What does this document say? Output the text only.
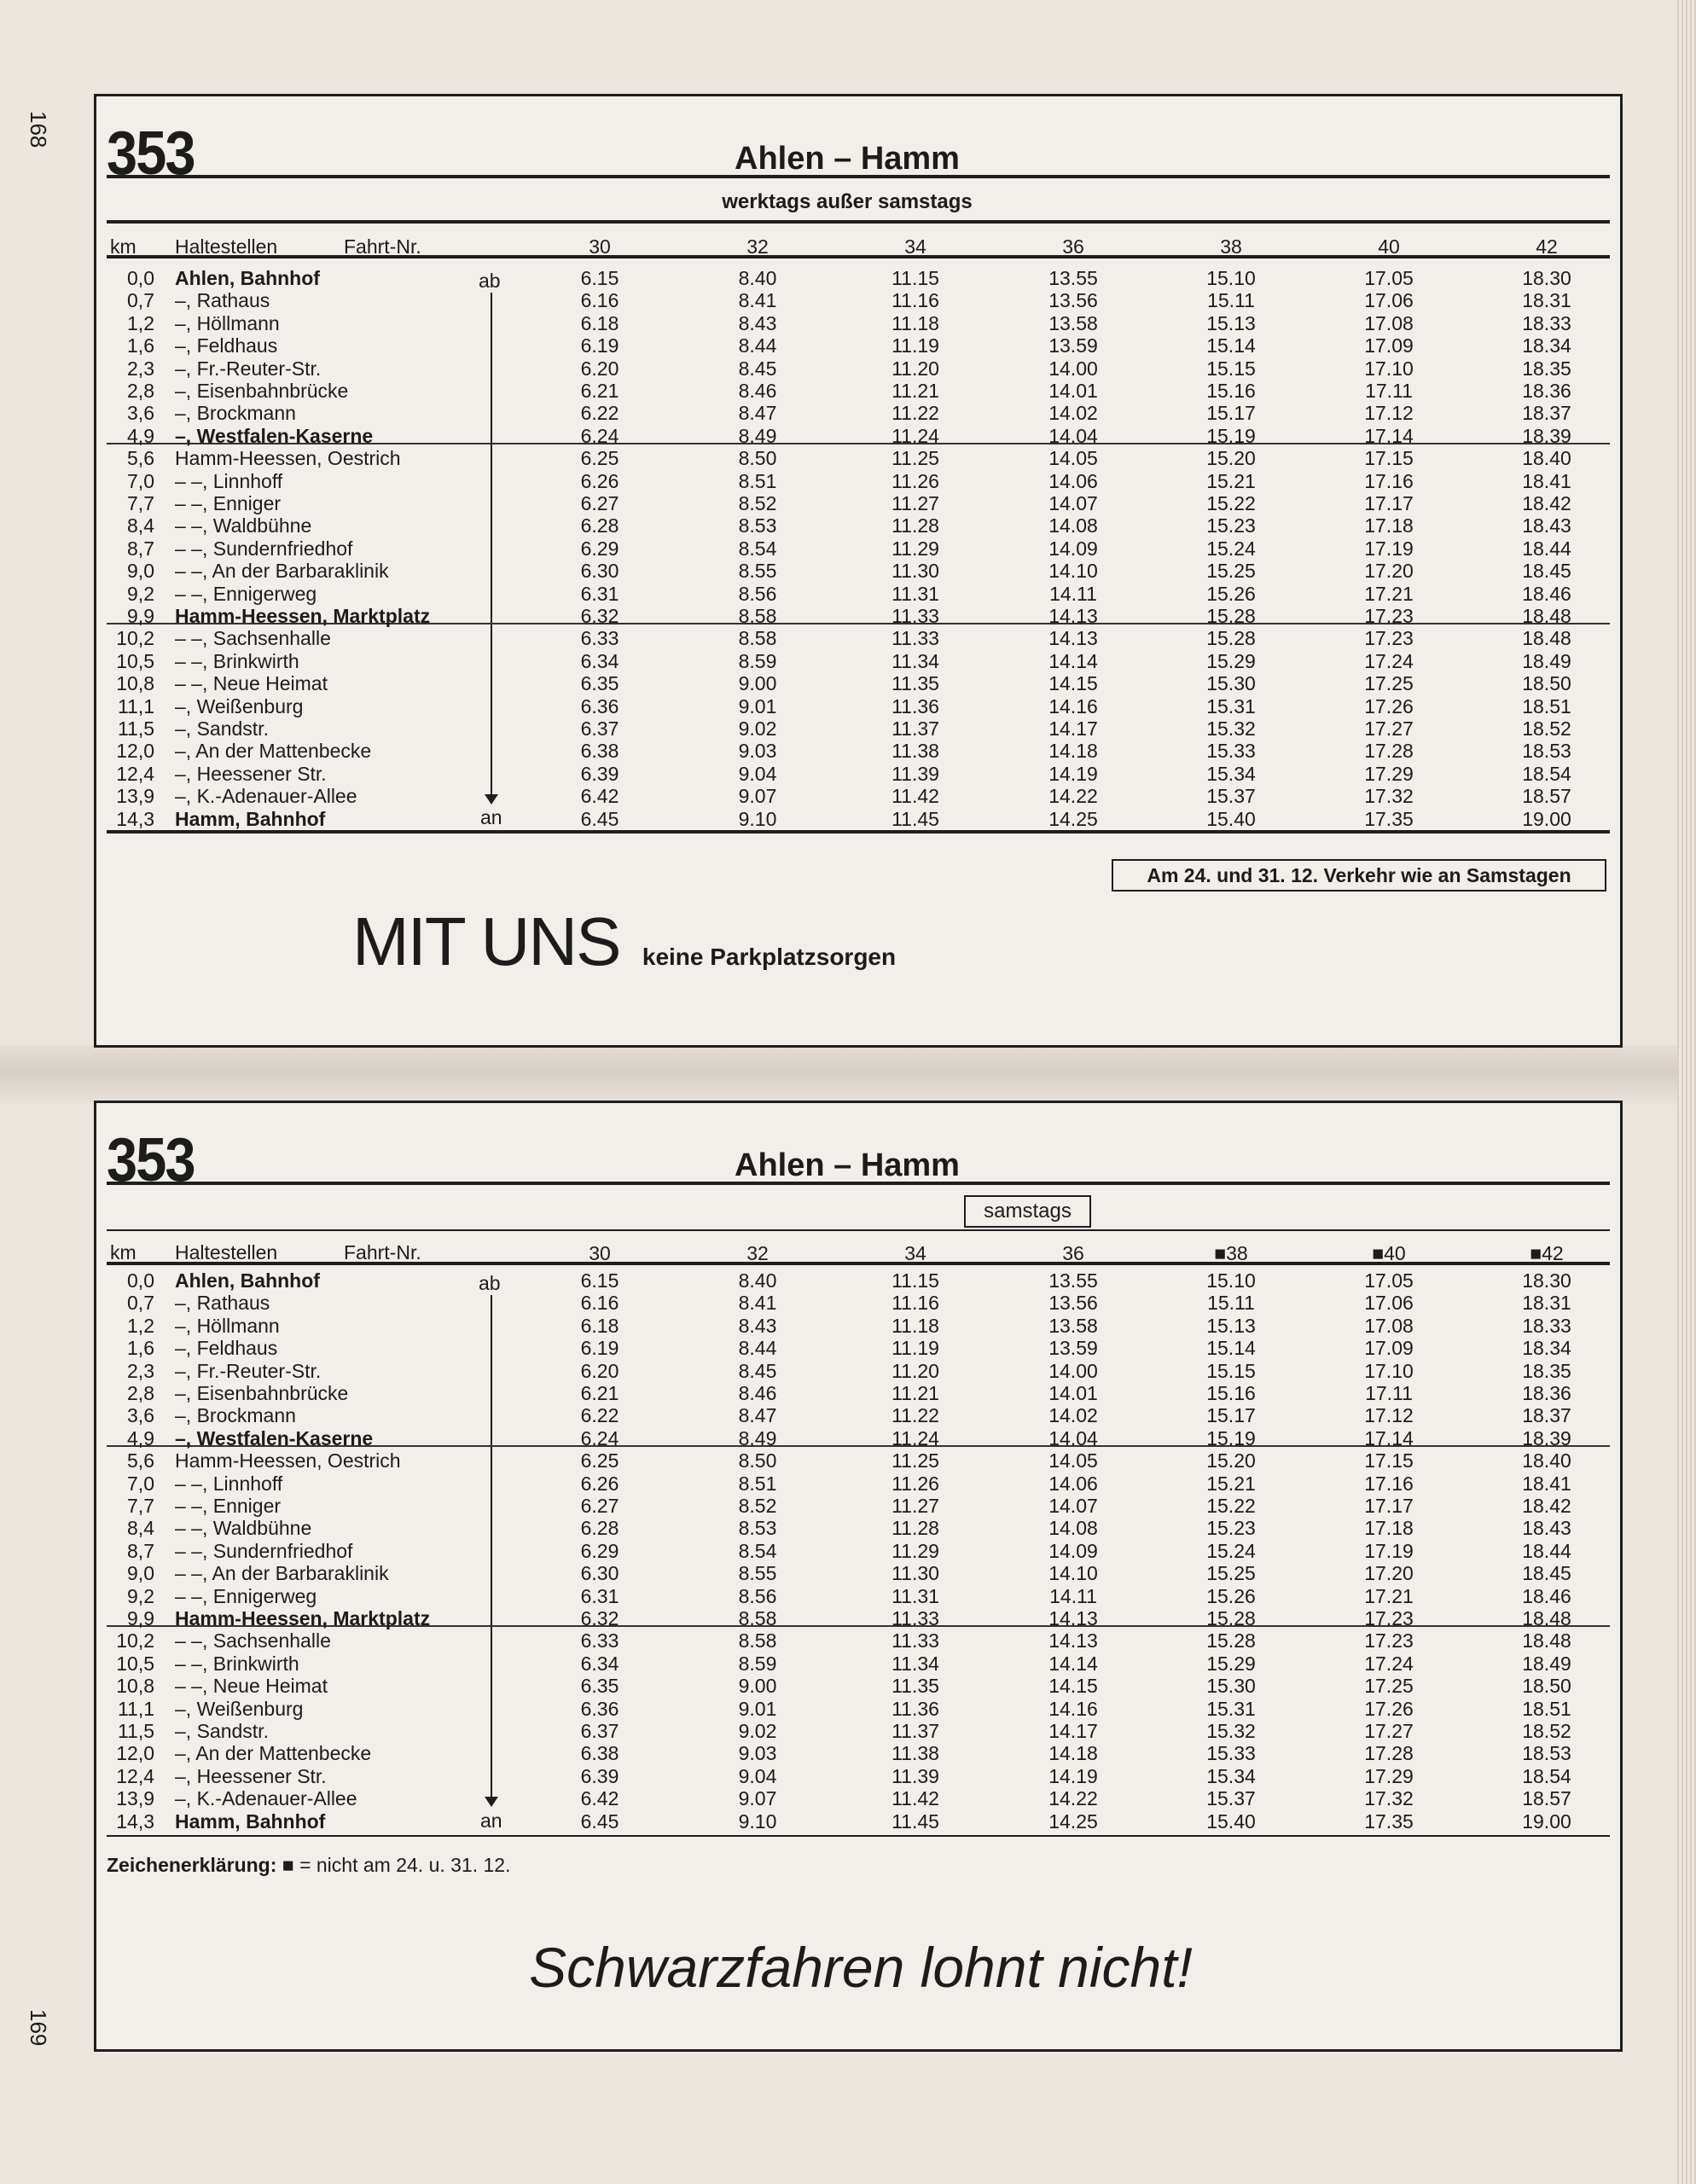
168
169
353	Ahlen – Hamm
werktags außer samstags
km Haltestellen	Fahrt-Nr.	30	32	34	36	38	40	42
ab
an
0,0 Ahlen, Bahnhof	6.15	8.40	11.15	13.55	15.10	17.05	18.30
0,7 –, Rathaus	6.16	8.41	11.16	13.56	15.11	17.06	18.31
1,2 –, Höllmann	6.18	8.43	11.18	13.58	15.13	17.08	18.33
1,6 –, Feldhaus	6.19	8.44	11.19	13.59	15.14	17.09	18.34
2,3 –, Fr.-Reuter-Str.	6.20	8.45	11.20	14.00	15.15	17.10	18.35
2,8 –, Eisenbahnbrücke	6.21	8.46	11.21	14.01	15.16	17.11	18.36
3,6 –, Brockmann	6.22	8.47	11.22	14.02	15.17	17.12	18.37
4,9 –, Westfalen-Kaserne	6.24	8.49	11.24	14.04	15.19	17.14	18.39
5,6 Hamm-Heessen, Oestrich	6.25	8.50	11.25	14.05	15.20	17.15	18.40
7,0 – –, Linnhoff	6.26	8.51	11.26	14.06	15.21	17.16	18.41
7,7 – –, Enniger	6.27	8.52	11.27	14.07	15.22	17.17	18.42
8,4 – –, Waldbühne	6.28	8.53	11.28	14.08	15.23	17.18	18.43
8,7 – –, Sundernfriedhof	6.29	8.54	11.29	14.09	15.24	17.19	18.44
9,0 – –, An der Barbaraklinik	6.30	8.55	11.30	14.10	15.25	17.20	18.45
9,2 – –, Ennigerweg	6.31	8.56	11.31	14.11	15.26	17.21	18.46
9,9 Hamm-Heessen, Marktplatz	6.32	8.58	11.33	14.13	15.28	17.23	18.48
10,2 – –, Sachsenhalle	6.33	8.58	11.33	14.13	15.28	17.23	18.48
10,5 – –, Brinkwirth	6.34	8.59	11.34	14.14	15.29	17.24	18.49
10,8 – –, Neue Heimat	6.35	9.00	11.35	14.15	15.30	17.25	18.50
11,1 –, Weißenburg	6.36	9.01	11.36	14.16	15.31	17.26	18.51
11,5 –, Sandstr.	6.37	9.02	11.37	14.17	15.32	17.27	18.52
12,0 –, An der Mattenbecke	6.38	9.03	11.38	14.18	15.33	17.28	18.53
12,4 –, Heessener Str.	6.39	9.04	11.39	14.19	15.34	17.29	18.54
13,9 –, K.-Adenauer-Allee	6.42	9.07	11.42	14.22	15.37	17.32	18.57
14,3 Hamm, Bahnhof	6.45	9.10	11.45	14.25	15.40	17.35	19.00
Am 24. und 31. 12. Verkehr wie an Samstagen
MIT UNS keine Parkplatzsorgen
353	Ahlen – Hamm
samstags
km Haltestellen	Fahrt-Nr.	30	32	34	36	■38	■40	■42
ab
an
0,0 Ahlen, Bahnhof	6.15	8.40	11.15	13.55	15.10	17.05	18.30
0,7 –, Rathaus	6.16	8.41	11.16	13.56	15.11	17.06	18.31
1,2 –, Höllmann	6.18	8.43	11.18	13.58	15.13	17.08	18.33
1,6 –, Feldhaus	6.19	8.44	11.19	13.59	15.14	17.09	18.34
2,3 –, Fr.-Reuter-Str.	6.20	8.45	11.20	14.00	15.15	17.10	18.35
2,8 –, Eisenbahnbrücke	6.21	8.46	11.21	14.01	15.16	17.11	18.36
3,6 –, Brockmann	6.22	8.47	11.22	14.02	15.17	17.12	18.37
4,9 –, Westfalen-Kaserne	6.24	8.49	11.24	14.04	15.19	17.14	18.39
5,6 Hamm-Heessen, Oestrich	6.25	8.50	11.25	14.05	15.20	17.15	18.40
7,0 – –, Linnhoff	6.26	8.51	11.26	14.06	15.21	17.16	18.41
7,7 – –, Enniger	6.27	8.52	11.27	14.07	15.22	17.17	18.42
8,4 – –, Waldbühne	6.28	8.53	11.28	14.08	15.23	17.18	18.43
8,7 – –, Sundernfriedhof	6.29	8.54	11.29	14.09	15.24	17.19	18.44
9,0 – –, An der Barbaraklinik	6.30	8.55	11.30	14.10	15.25	17.20	18.45
9,2 – –, Ennigerweg	6.31	8.56	11.31	14.11	15.26	17.21	18.46
9,9 Hamm-Heessen, Marktplatz	6.32	8.58	11.33	14.13	15.28	17.23	18.48
10,2 – –, Sachsenhalle	6.33	8.58	11.33	14.13	15.28	17.23	18.48
10,5 – –, Brinkwirth	6.34	8.59	11.34	14.14	15.29	17.24	18.49
10,8 – –, Neue Heimat	6.35	9.00	11.35	14.15	15.30	17.25	18.50
11,1 –, Weißenburg	6.36	9.01	11.36	14.16	15.31	17.26	18.51
11,5 –, Sandstr.	6.37	9.02	11.37	14.17	15.32	17.27	18.52
12,0 –, An der Mattenbecke	6.38	9.03	11.38	14.18	15.33	17.28	18.53
12,4 –, Heessener Str.	6.39	9.04	11.39	14.19	15.34	17.29	18.54
13,9 –, K.-Adenauer-Allee	6.42	9.07	11.42	14.22	15.37	17.32	18.57
14,3 Hamm, Bahnhof	6.45	9.10	11.45	14.25	15.40	17.35	19.00
Zeichenerklärung: ■ = nicht am 24. u. 31. 12.
Schwarzfahren lohnt nicht!
